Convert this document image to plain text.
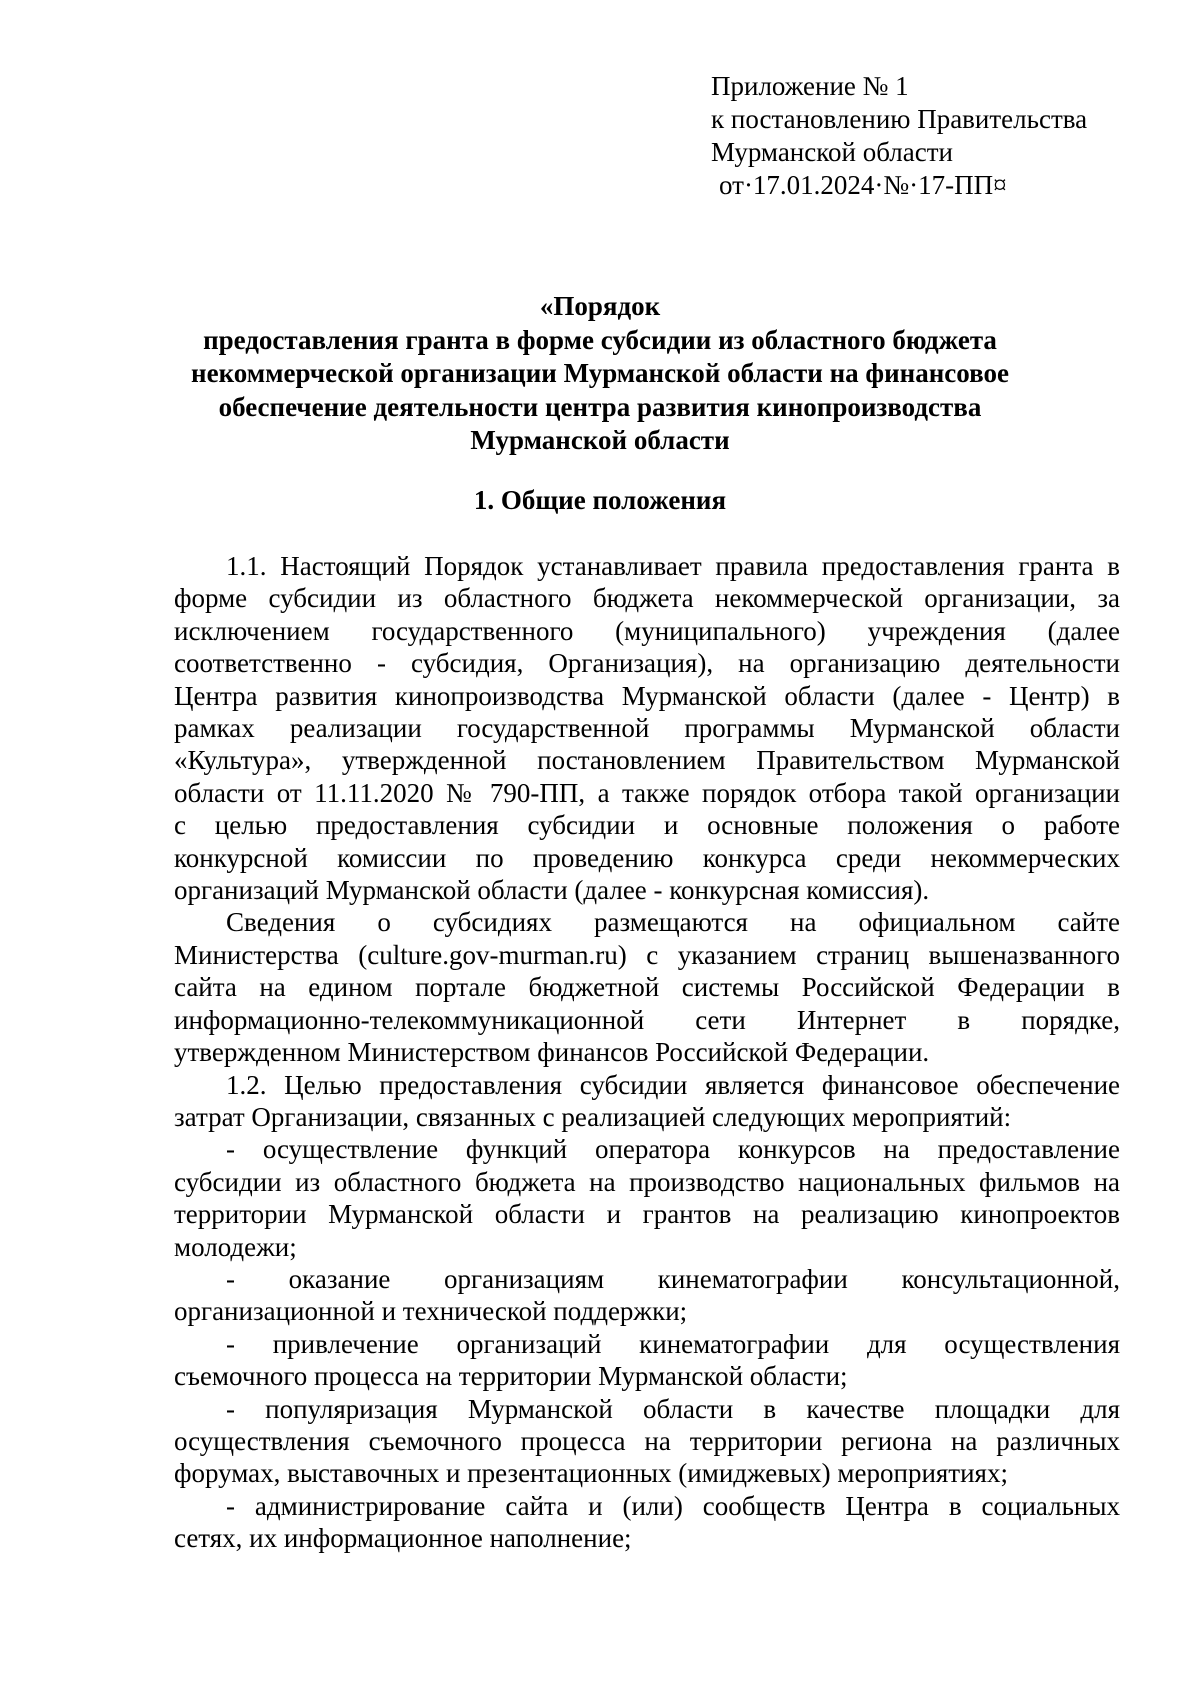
Приложение № 1
к постановлению Правительства
Мурманской области
от·17.01.2024·№·17-ПП¤
«Порядок
предоставления гранта в форме субсидии из областного бюджета
некоммерческой организации Мурманской области на финансовое
обеспечение деятельности центра развития кинопроизводства
Мурманской области
1. Общие положения
1.1. Настоящий Порядок устанавливает правила предоставления гранта в
форме субсидии из областного бюджета некоммерческой организации, за
исключением государственного (муниципального) учреждения (далее
соответственно - субсидия, Организация), на организацию деятельности
Центра развития кинопроизводства Мурманской области (далее - Центр) в
рамках реализации государственной программы Мурманской области
«Культура», утвержденной постановлением Правительством Мурманской
области от 11.11.2020 № 790-ПП, а также порядок отбора такой организации
с целью предоставления субсидии и основные положения о работе
конкурсной комиссии по проведению конкурса среди некоммерческих
организаций Мурманской области (далее - конкурсная комиссия).
Сведения о субсидиях размещаются на официальном сайте
Министерства (culture.gov-murman.ru) с указанием страниц вышеназванного
сайта на едином портале бюджетной системы Российской Федерации в
информационно-телекоммуникационной сети Интернет в порядке,
утвержденном Министерством финансов Российской Федерации.
1.2. Целью предоставления субсидии является финансовое обеспечение
затрат Организации, связанных с реализацией следующих мероприятий:
- осуществление функций оператора конкурсов на предоставление
субсидии из областного бюджета на производство национальных фильмов на
территории Мурманской области и грантов на реализацию кинопроектов
молодежи;
- оказание организациям кинематографии консультационной,
организационной и технической поддержки;
- привлечение организаций кинематографии для осуществления
съемочного процесса на территории Мурманской области;
- популяризация Мурманской области в качестве площадки для
осуществления съемочного процесса на территории региона на различных
форумах, выставочных и презентационных (имиджевых) мероприятиях;
- администрирование сайта и (или) сообществ Центра в социальных
сетях, их информационное наполнение;
